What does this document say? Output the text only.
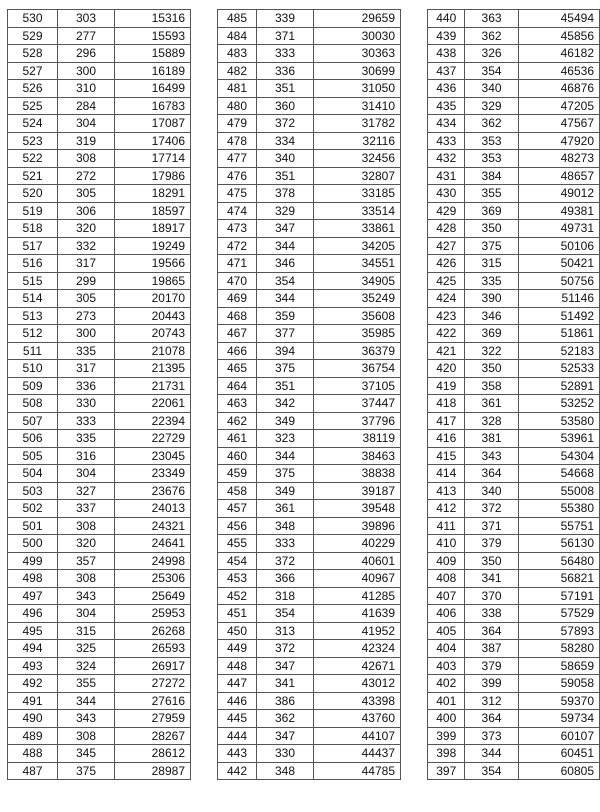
530	303	15316
529	277	15593
528	296	15889
527	300	16189
526	310	16499
525	284	16783
524	304	17087
523	319	17406
522	308	17714
521	272	17986
520	305	18291
519	306	18597
518	320	18917
517	332	19249
516	317	19566
515	299	19865
514	305	20170
513	273	20443
512	300	20743
511	335	21078
510	317	21395
509	336	21731
508	330	22061
507	333	22394
506	335	22729
505	316	23045
504	304	23349
503	327	23676
502	337	24013
501	308	24321
500	320	24641
499	357	24998
498	308	25306
497	343	25649
496	304	25953
495	315	26268
494	325	26593
493	324	26917
492	355	27272
491	344	27616
490	343	27959
489	308	28267
488	345	28612
487	375	28987
485	339	29659
484	371	30030
483	333	30363
482	336	30699
481	351	31050
480	360	31410
479	372	31782
478	334	32116
477	340	32456
476	351	32807
475	378	33185
474	329	33514
473	347	33861
472	344	34205
471	346	34551
470	354	34905
469	344	35249
468	359	35608
467	377	35985
466	394	36379
465	375	36754
464	351	37105
463	342	37447
462	349	37796
461	323	38119
460	344	38463
459	375	38838
458	349	39187
457	361	39548
456	348	39896
455	333	40229
454	372	40601
453	366	40967
452	318	41285
451	354	41639
450	313	41952
449	372	42324
448	347	42671
447	341	43012
446	386	43398
445	362	43760
444	347	44107
443	330	44437
442	348	44785
440	363	45494
439	362	45856
438	326	46182
437	354	46536
436	340	46876
435	329	47205
434	362	47567
433	353	47920
432	353	48273
431	384	48657
430	355	49012
429	369	49381
428	350	49731
427	375	50106
426	315	50421
425	335	50756
424	390	51146
423	346	51492
422	369	51861
421	322	52183
420	350	52533
419	358	52891
418	361	53252
417	328	53580
416	381	53961
415	343	54304
414	364	54668
413	340	55008
412	372	55380
411	371	55751
410	379	56130
409	350	56480
408	341	56821
407	370	57191
406	338	57529
405	364	57893
404	387	58280
403	379	58659
402	399	59058
401	312	59370
400	364	59734
399	373	60107
398	344	60451
397	354	60805
